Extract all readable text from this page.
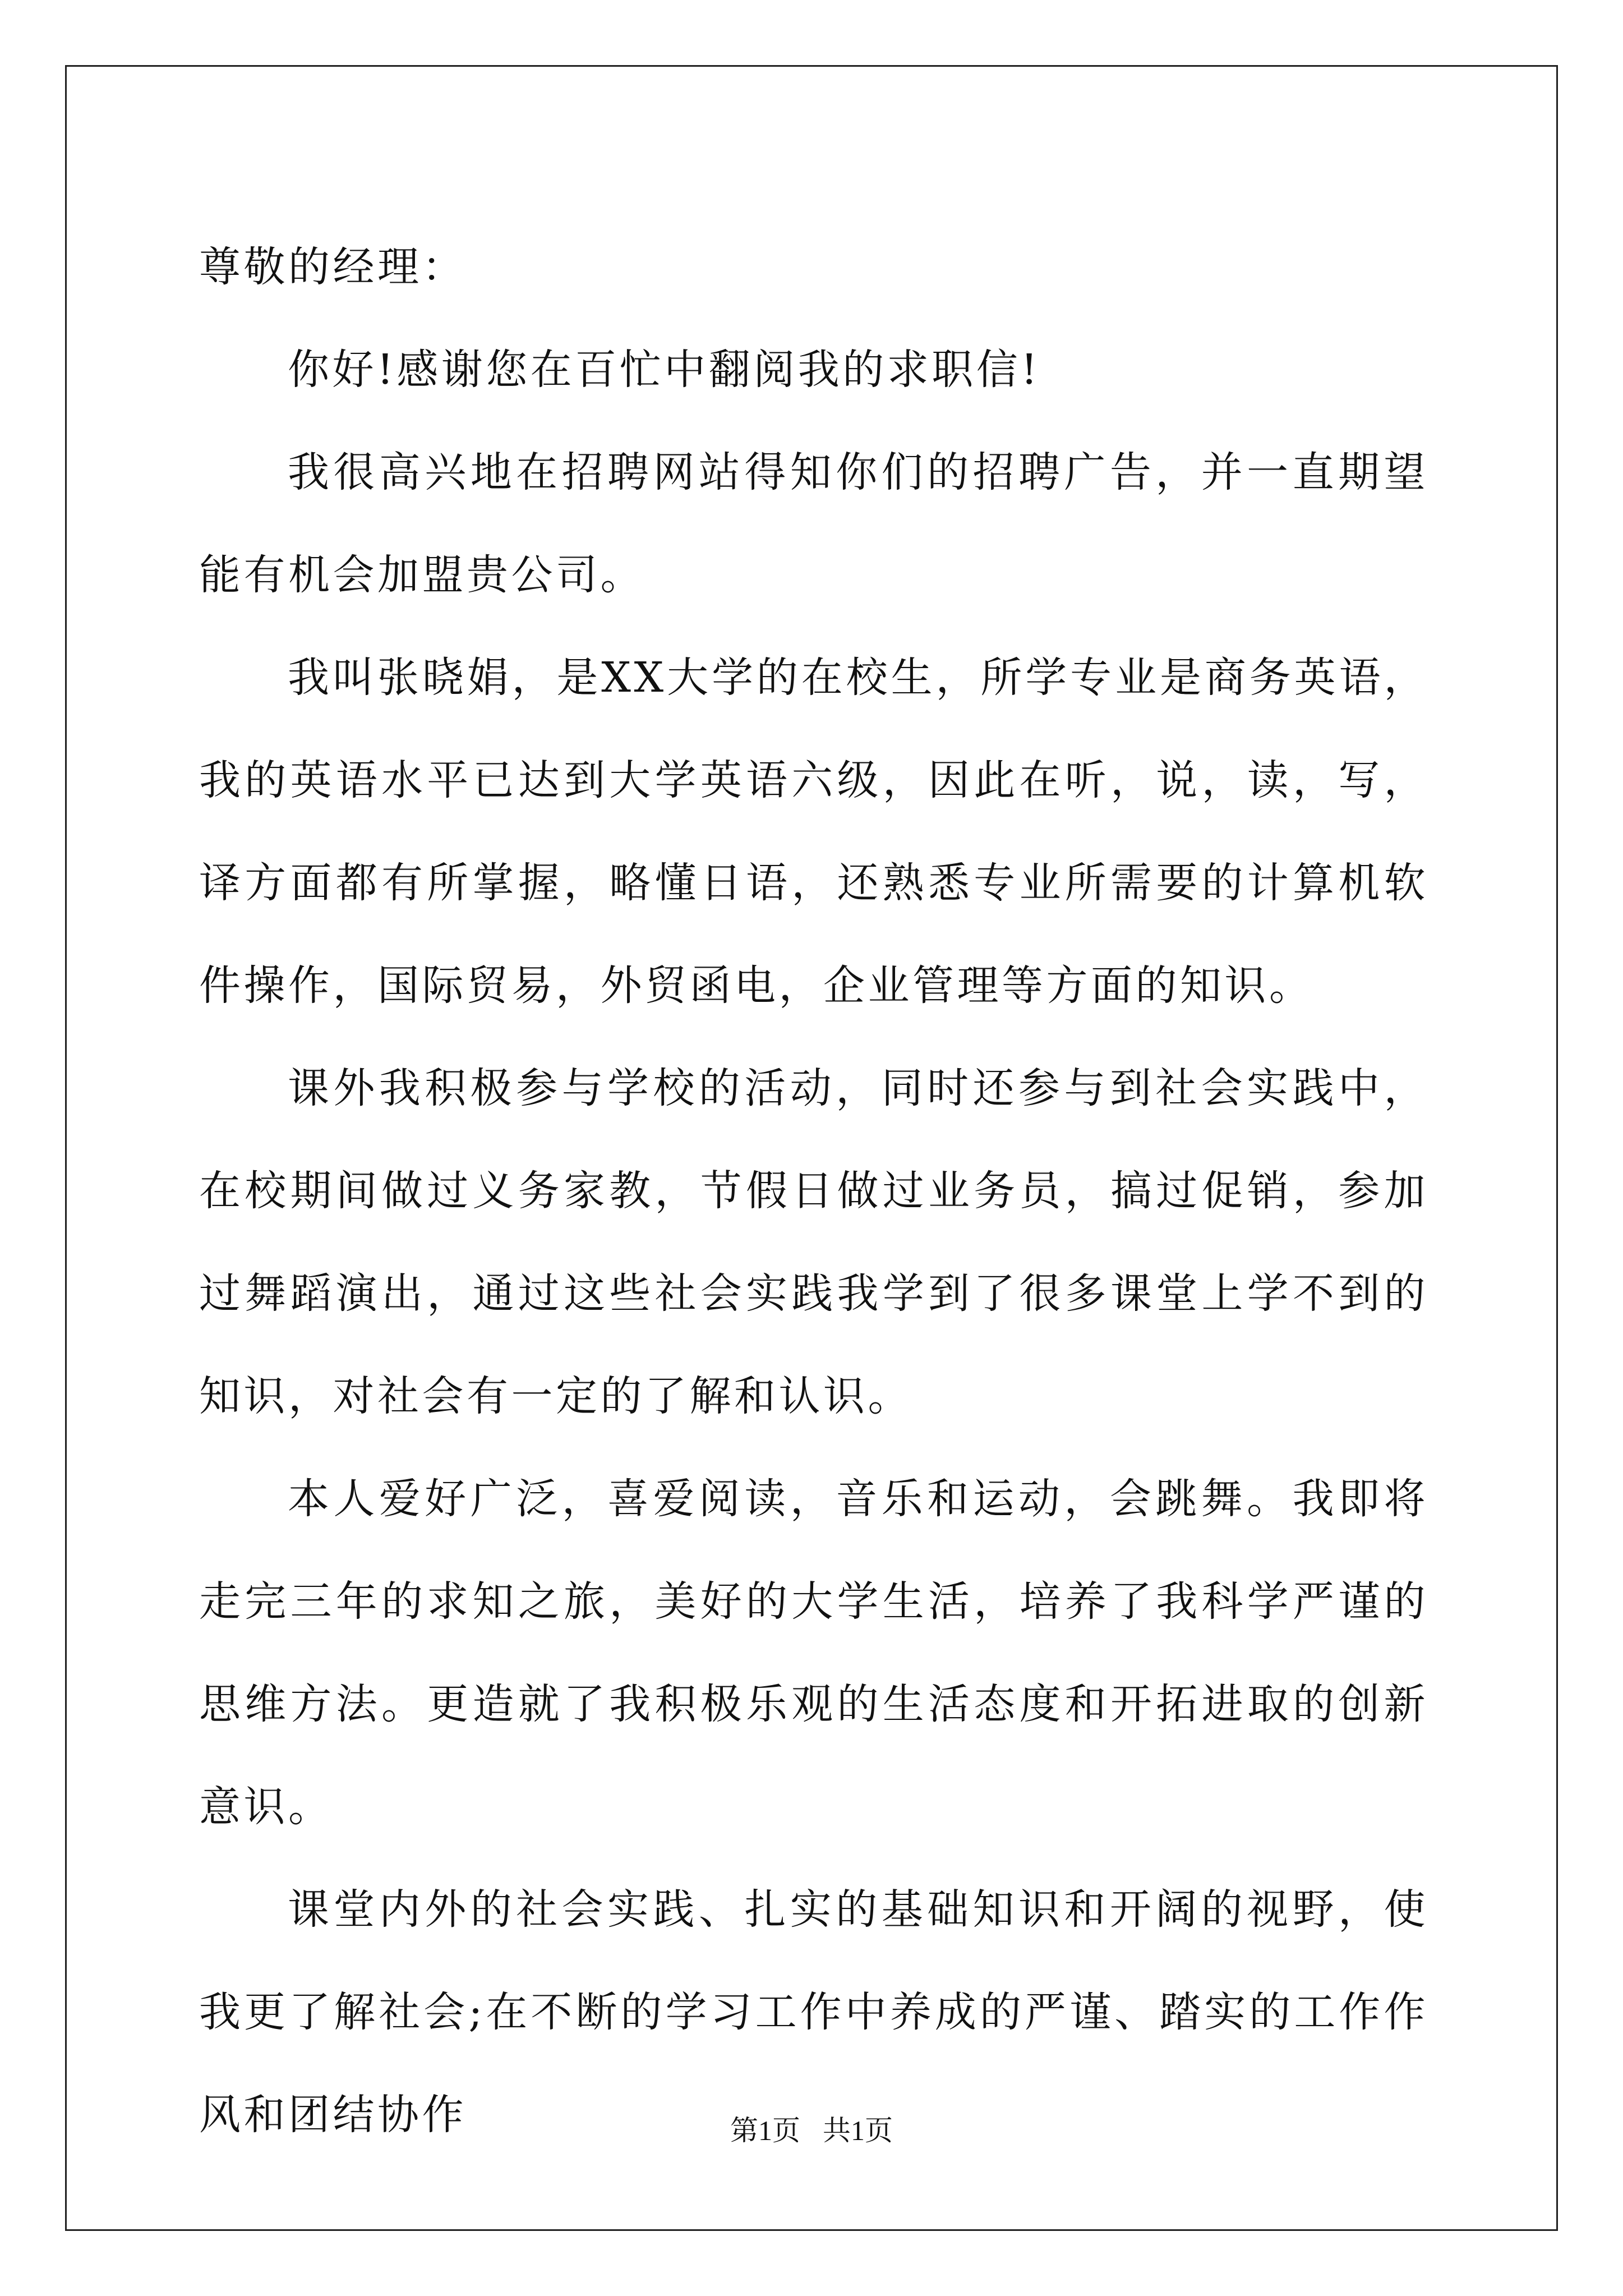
尊敬的经理：

你好!感谢您在百忙中翻阅我的求职信!

我很高兴地在招聘网站得知你们的招聘广告，并一直期望能有机会加盟贵公司。

我叫张晓娟，是XX大学的在校生，所学专业是商务英语，我的英语水平已达到大学英语六级，因此在听，说，读，写，译方面都有所掌握，略懂日语，还熟悉专业所需要的计算机软件操作，国际贸易，外贸函电，企业管理等方面的知识。

课外我积极参与学校的活动，同时还参与到社会实践中，在校期间做过义务家教，节假日做过业务员，搞过促销，参加过舞蹈演出，通过这些社会实践我学到了很多课堂上学不到的知识，对社会有一定的了解和认识。

本人爱好广泛，喜爱阅读，音乐和运动，会跳舞。我即将走完三年的求知之旅，美好的大学生活，培养了我科学严谨的思维方法。更造就了我积极乐观的生活态度和开拓进取的创新意识。

课堂内外的社会实践、扎实的基础知识和开阔的视野，使我更了解社会;在不断的学习工作中养成的严谨、踏实的工作作风和团结协作	第1页 共1页
